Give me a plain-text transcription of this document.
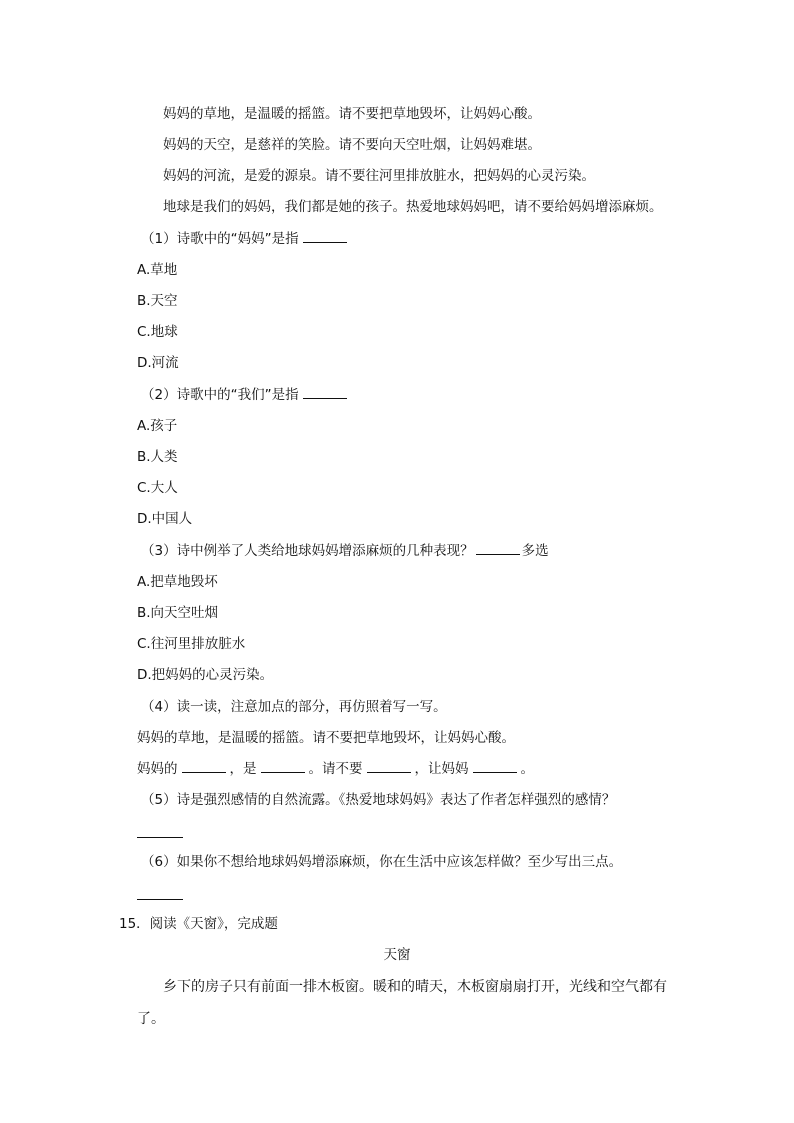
妈妈的草地，是温暖的摇篮。请不要把草地毁坏，让妈妈心酸。
妈妈的天空，是慈祥的笑脸。请不要向天空吐烟，让妈妈难堪。
妈妈的河流，是爱的源泉。请不要往河里排放脏水，把妈妈的心灵污染。
地球是我们的妈妈，我们都是她的孩子。热爱地球妈妈吧，请不要给妈妈增添麻烦。
（1）诗歌中的“妈妈”是指
A.草地
B.天空
C.地球
D.河流
（2）诗歌中的“我们”是指
A.孩子
B.人类
C.大人
D.中国人
（3）诗中例举了人类给地球妈妈增添麻烦的几种表现？	多选
A.把草地毁坏
B.向天空吐烟
C.往河里排放脏水
D.把妈妈的心灵污染。
（4）读一读，注意加点的部分，再仿照着写一写。
妈妈的草地，是温暖的摇篮。请不要把草地毁坏，让妈妈心酸。
妈妈的	，是	。请不要	，让妈妈	。
（5）诗是强烈感情的自然流露。《热爱地球妈妈》表达了作者怎样强烈的感情？
（6）如果你不想给地球妈妈增添麻烦，你在生活中应该怎样做？至少写出三点。
15．阅读《天窗》，完成题
天窗
乡下的房子只有前面一排木板窗。暖和的晴天，木板窗扇扇打开，光线和空气都有
了。
